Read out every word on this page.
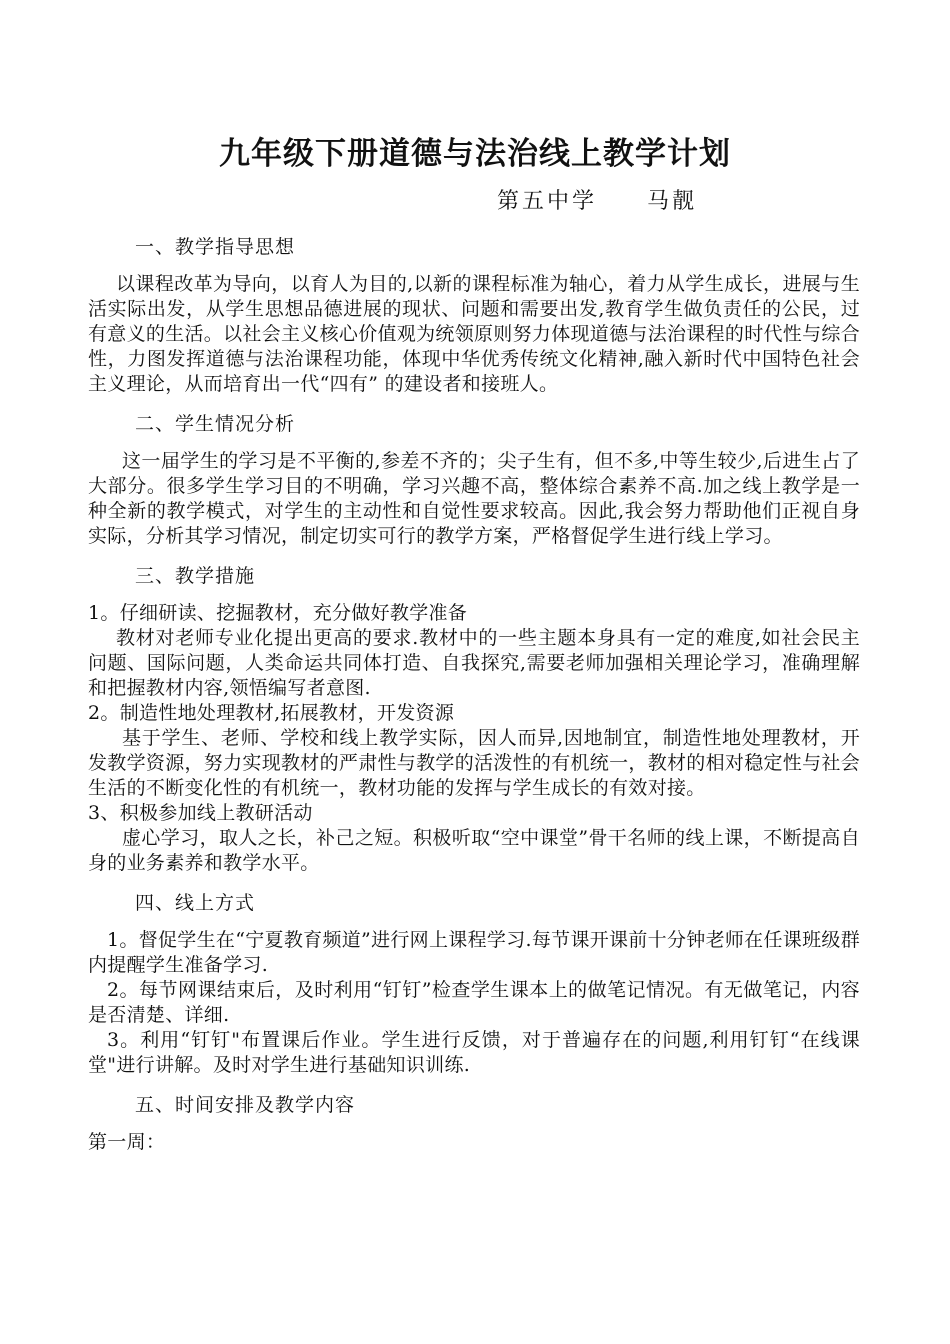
九年级下册道德与法治线上教学计划
第五中学     马靓
一、教学指导思想

以课程改革为导向，以育人为目的,以新的课程标准为轴心，着力从学生成长，进展与生活实际出发，从学生思想品德进展的现状、问题和需要出发,教育学生做负责任的公民，过有意义的生活。以社会主义核心价值观为统领原则努力体现道德与法治课程的时代性与综合性，力图发挥道德与法治课程功能，体现中华优秀传统文化精神,融入新时代中国特色社会主义理论，从而培育出一代“四有” 的建设者和接班人。

二、学生情况分析

这一届学生的学习是不平衡的,参差不齐的；尖子生有，但不多,中等生较少,后进生占了大部分。很多学生学习目的不明确，学习兴趣不高，整体综合素养不高.加之线上教学是一种全新的教学模式，对学生的主动性和自觉性要求较高。因此,我会努力帮助他们正视自身实际，分析其学习情况，制定切实可行的教学方案，严格督促学生进行线上学习。

三、教学措施

1。仔细研读、挖掘教材，充分做好教学准备

教材对老师专业化提出更高的要求.教材中的一些主题本身具有一定的难度,如社会民主问题、国际问题，人类命运共同体打造、自我探究,需要老师加强相关理论学习，准确理解和把握教材内容,领悟编写者意图.

2。制造性地处理教材,拓展教材，开发资源

基于学生、老师、学校和线上教学实际，因人而异,因地制宜，制造性地处理教材，开发教学资源，努力实现教材的严肃性与教学的活泼性的有机统一，教材的相对稳定性与社会生活的不断变化性的有机统一，教材功能的发挥与学生成长的有效对接。

3、积极参加线上教研活动

虚心学习，取人之长，补己之短。积极听取“空中课堂”骨干名师的线上课，不断提高自身的业务素养和教学水平。

四、线上方式

1。督促学生在“宁夏教育频道”进行网上课程学习.每节课开课前十分钟老师在任课班级群内提醒学生准备学习.

2。每节网课结束后，及时利用“钉钉”检查学生课本上的做笔记情况。有无做笔记，内容是否清楚、详细.

3。利用“钉钉"布置课后作业。学生进行反馈，对于普遍存在的问题,利用钉钉“在线课堂"进行讲解。及时对学生进行基础知识训练.

五、时间安排及教学内容

第一周：
